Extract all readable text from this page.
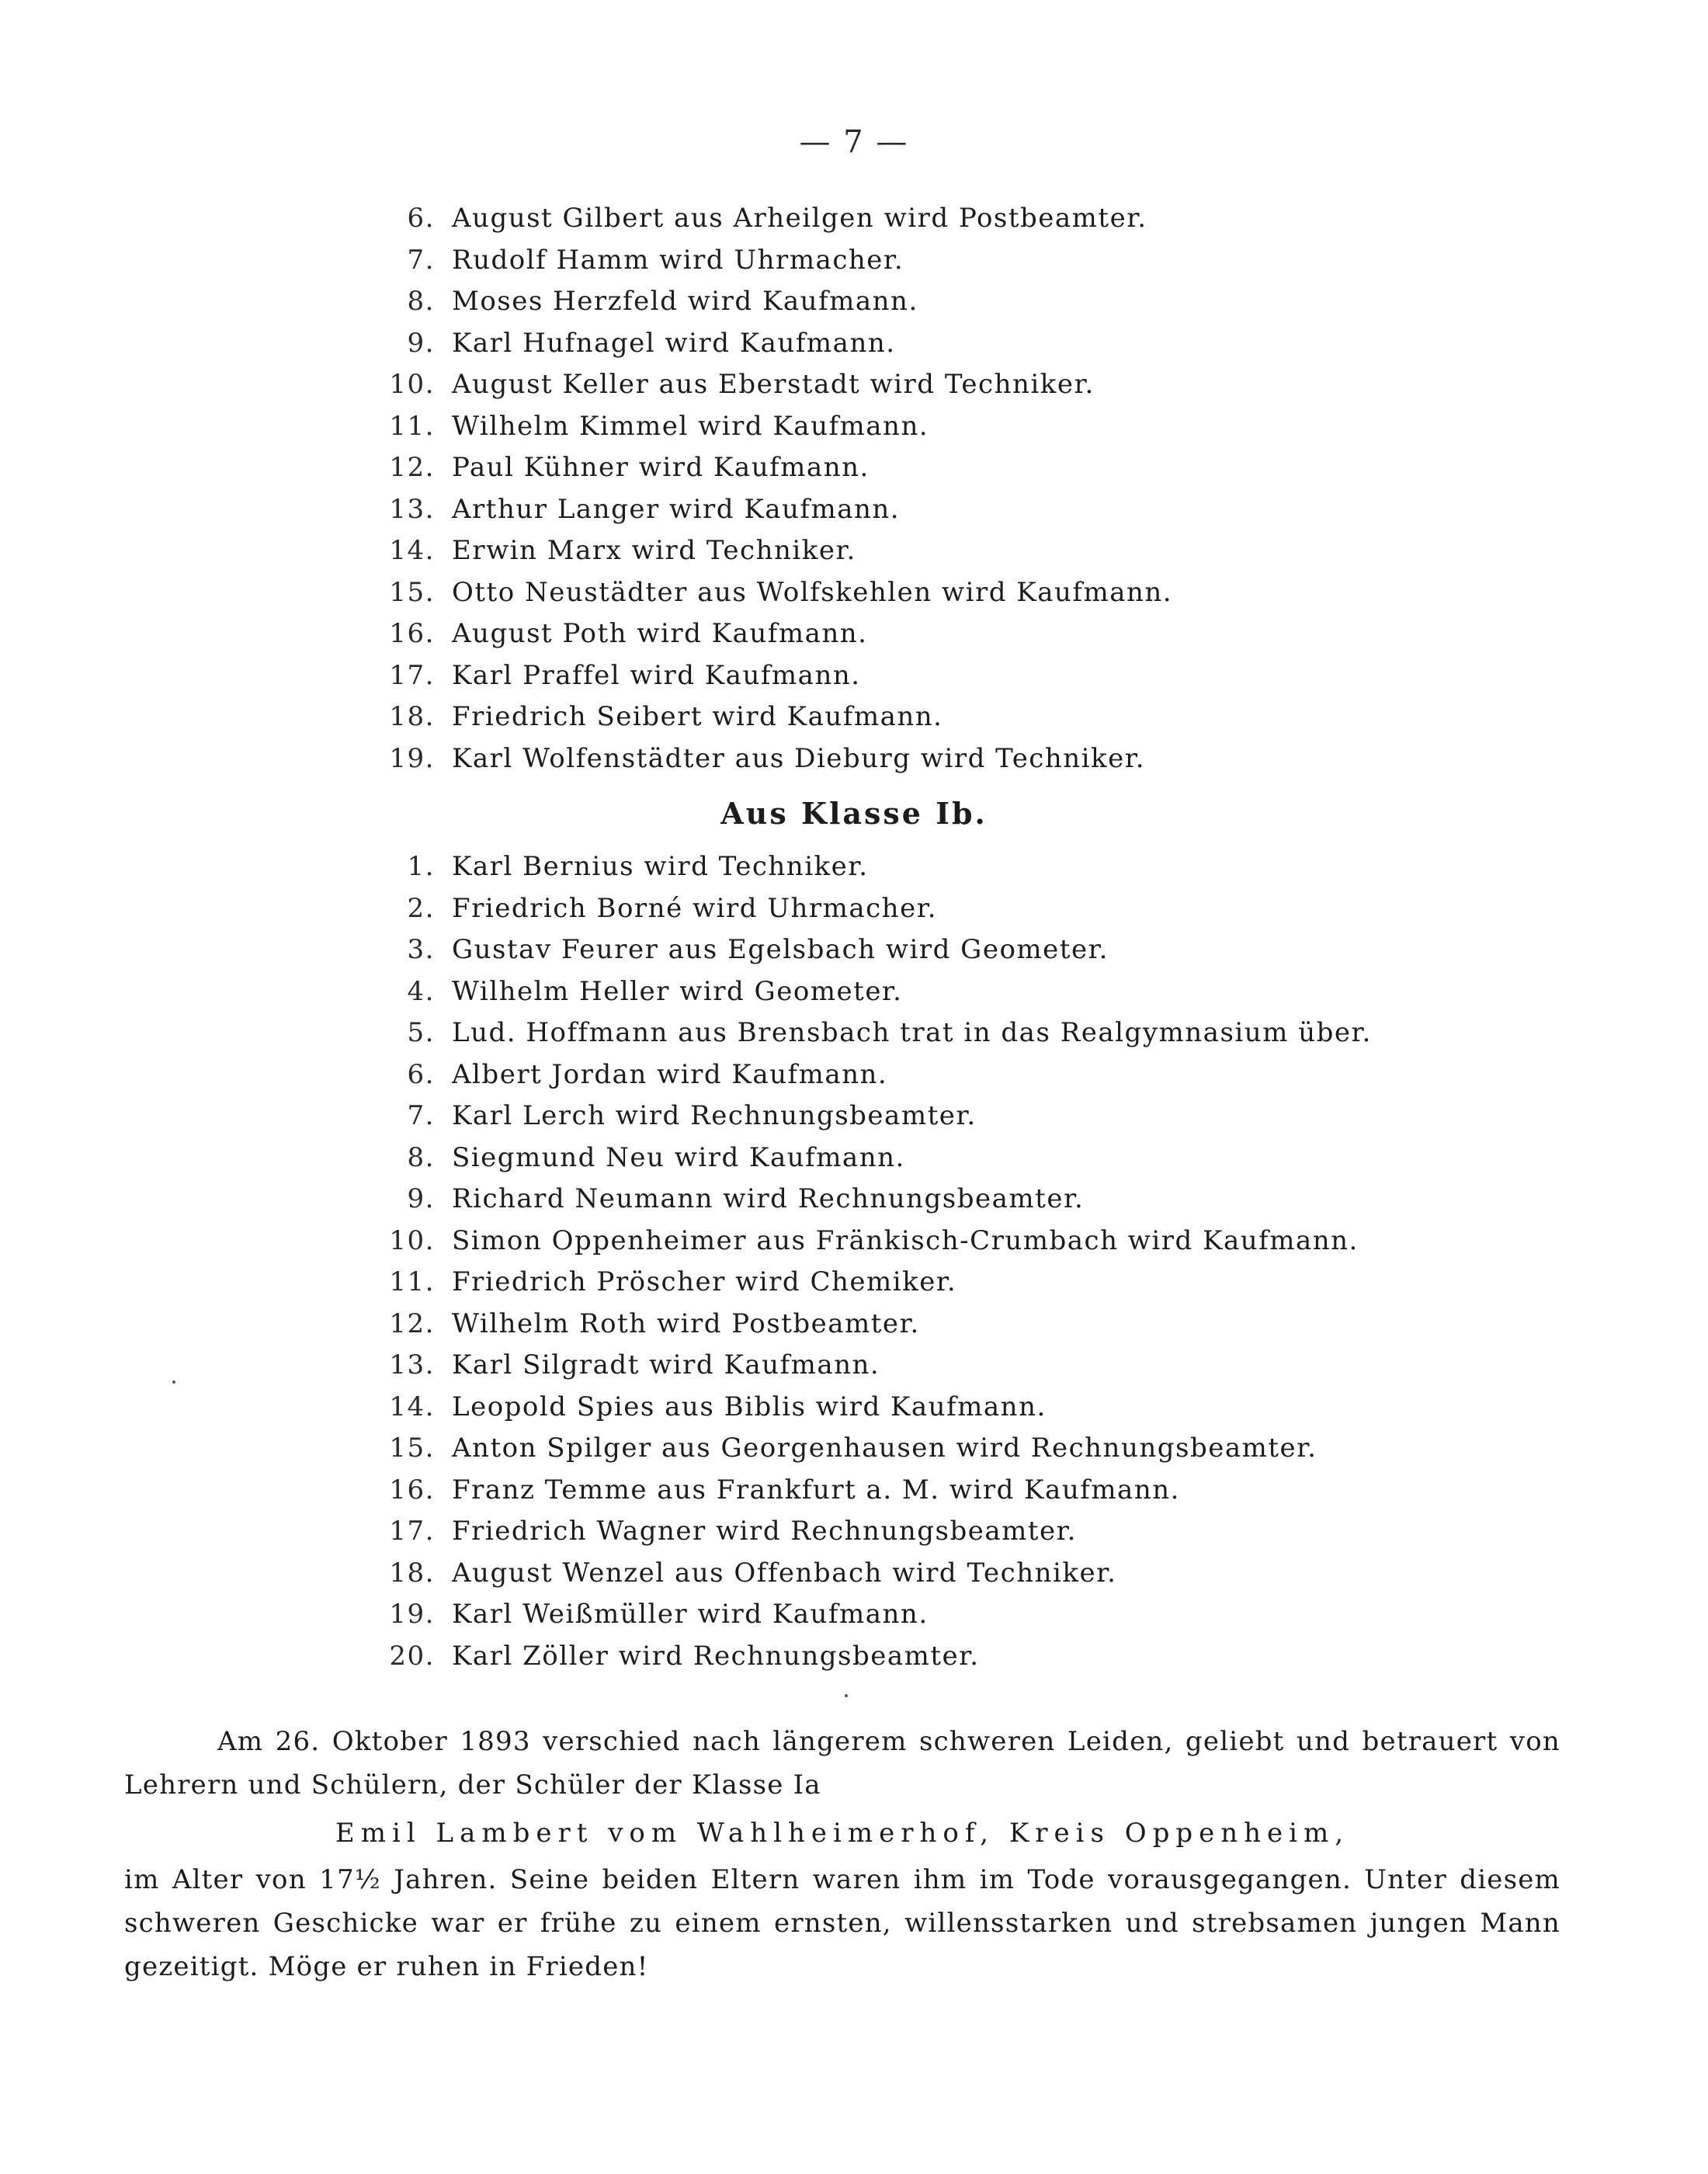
— 7 —
6. August Gilbert aus Arheilgen wird Postbeamter.
7. Rudolf Hamm wird Uhrmacher.
8. Moses Herzfeld wird Kaufmann.
9. Karl Hufnagel wird Kaufmann.
10. August Keller aus Eberstadt wird Techniker.
11. Wilhelm Kimmel wird Kaufmann.
12. Paul Kühner wird Kaufmann.
13. Arthur Langer wird Kaufmann.
14. Erwin Marx wird Techniker.
15. Otto Neustädter aus Wolfskehlen wird Kaufmann.
16. August Poth wird Kaufmann.
17. Karl Praffel wird Kaufmann.
18. Friedrich Seibert wird Kaufmann.
19. Karl Wolfenstädter aus Dieburg wird Techniker.
Aus Klasse Ib.
1. Karl Bernius wird Techniker.
2. Friedrich Borné wird Uhrmacher.
3. Gustav Feurer aus Egelsbach wird Geometer.
4. Wilhelm Heller wird Geometer.
5. Lud. Hoffmann aus Brensbach trat in das Realgymnasium über.
6. Albert Jordan wird Kaufmann.
7. Karl Lerch wird Rechnungsbeamter.
8. Siegmund Neu wird Kaufmann.
9. Richard Neumann wird Rechnungsbeamter.
10. Simon Oppenheimer aus Fränkisch-Crumbach wird Kaufmann.
11. Friedrich Pröscher wird Chemiker.
12. Wilhelm Roth wird Postbeamter.
13. Karl Silgradt wird Kaufmann.
14. Leopold Spies aus Biblis wird Kaufmann.
15. Anton Spilger aus Georgenhausen wird Rechnungsbeamter.
16. Franz Temme aus Frankfurt a. M. wird Kaufmann.
17. Friedrich Wagner wird Rechnungsbeamter.
18. August Wenzel aus Offenbach wird Techniker.
19. Karl Weißmüller wird Kaufmann.
20. Karl Zöller wird Rechnungsbeamter.
Am 26. Oktober 1893 verschied nach längerem schweren Leiden, geliebt und betrauert von Lehrern und Schülern, der Schüler der Klasse Ia
Emil Lambert vom Wahlheimerhof, Kreis Oppenheim,
im Alter von 17½ Jahren. Seine beiden Eltern waren ihm im Tode vorausgegangen. Unter diesem schweren Geschicke war er frühe zu einem ernsten, willensstarken und strebsamen jungen Mann gezeitigt. Möge er ruhen in Frieden!
